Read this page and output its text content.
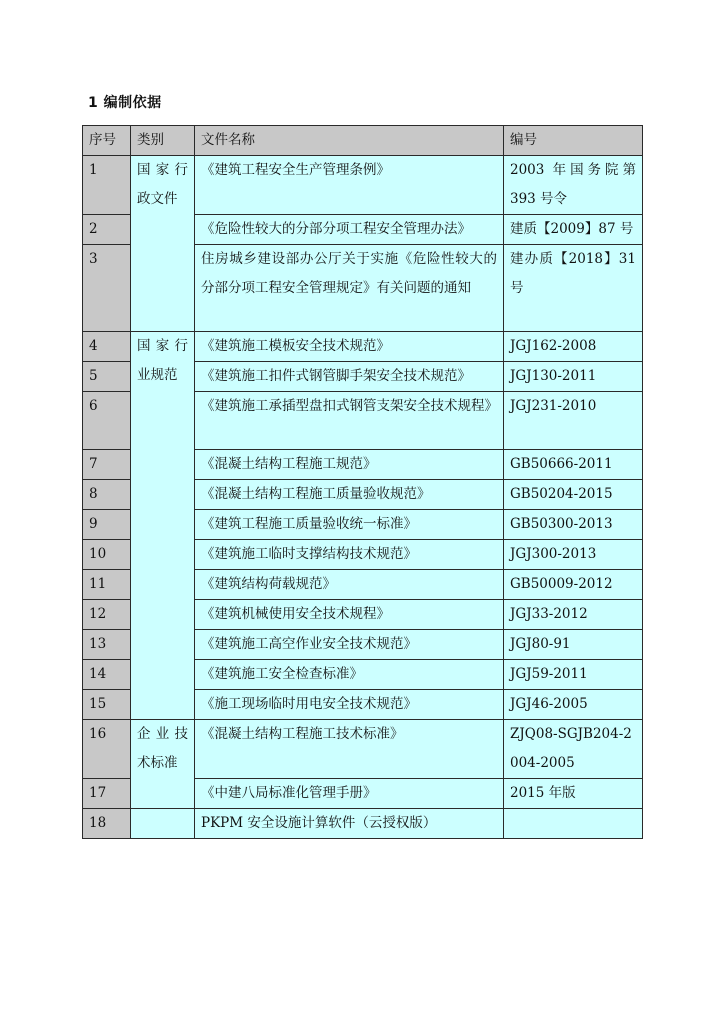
1 编制依据
序号	类别	文件名称	编号
1	国家行政文件	《建筑工程安全生产管理条例》	2003 年国务院第 393 号令
2		《危险性较大的分部分项工程安全管理办法》	建质【2009】87 号
3		住房城乡建设部办公厅关于实施《危险性较大的分部分项工程安全管理规定》有关问题的通知	建办质【2018】31 号
4	国家行业规范	《建筑施工模板安全技术规范》	JGJ162-2008
5		《建筑施工扣件式钢管脚手架安全技术规范》	JGJ130-2011
6		《建筑施工承插型盘扣式钢管支架安全技术规程》	JGJ231-2010
7		《混凝土结构工程施工规范》	GB50666-2011
8		《混凝土结构工程施工质量验收规范》	GB50204-2015
9		《建筑工程施工质量验收统一标准》	GB50300-2013
10		《建筑施工临时支撑结构技术规范》	JGJ300-2013
11		《建筑结构荷载规范》	GB50009-2012
12		《建筑机械使用安全技术规程》	JGJ33-2012
13		《建筑施工高空作业安全技术规范》	JGJ80-91
14		《建筑施工安全检查标准》	JGJ59-2011
15		《施工现场临时用电安全技术规范》	JGJ46-2005
16	企业技术标准	《混凝土结构工程施工技术标准》	ZJQ08-SGJB204-2004-2005
17		《中建八局标准化管理手册》	2015 年版
18		PKPM 安全设施计算软件（云授权版）	
